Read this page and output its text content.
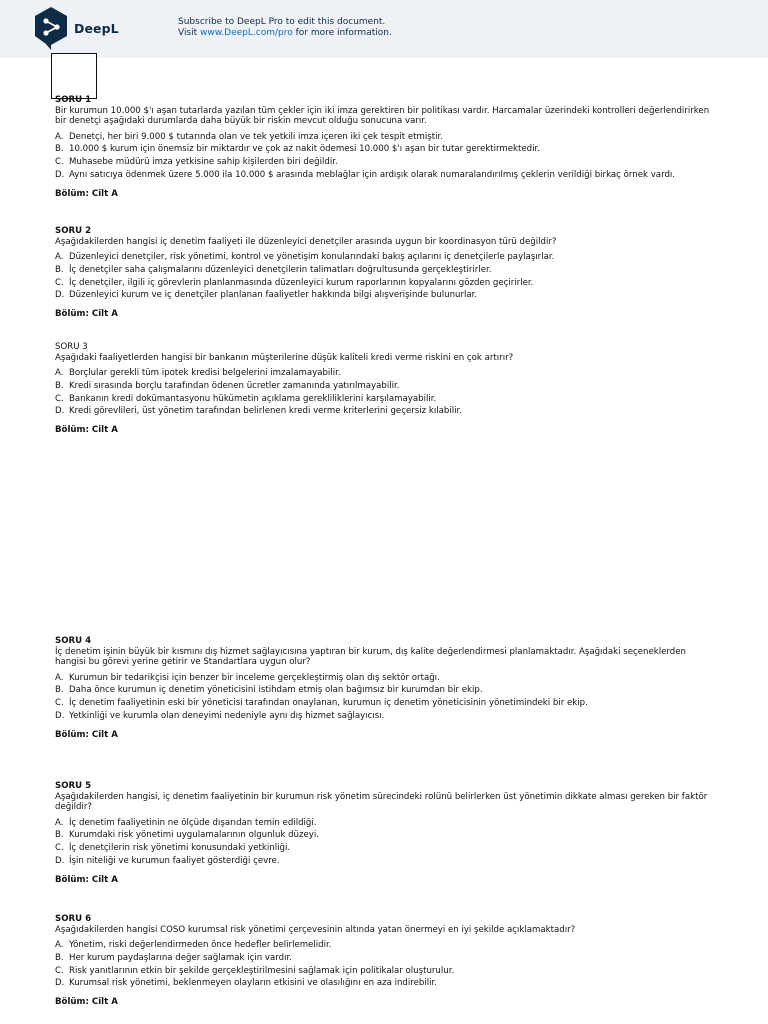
DeepL	Subscribe to DeepL Pro to edit this document.
Visit www.DeepL.com/pro for more information.
SORU 1

Bir kurumun 10.000 $'ı aşan tutarlarda yazılan tüm çekler için iki imza gerektiren bir politikası vardır. Harcamalar üzerindeki kontrolleri değerlendirirken bir denetçi aşağıdaki durumlarda daha büyük bir riskin mevcut olduğu sonucuna varır.

A. Denetçi, her biri 9.000 $ tutarında olan ve tek yetkili imza içeren iki çek tespit etmiştir.
B. 10.000 $ kurum için önemsiz bir miktardır ve çok az nakit ödemesi 10.000 $'ı aşan bir tutar gerektirmektedir.
C. Muhasebe müdürü imza yetkisine sahip kişilerden biri değildir.
D. Aynı satıcıya ödenmek üzere 5.000 ila 10.000 $ arasında meblağlar için ardışık olarak numaralandırılmış çeklerin verildiği birkaç örnek vardı.
Bölüm: Cilt A
SORU 2

Aşağıdakilerden hangisi iç denetim faaliyeti ile düzenleyici denetçiler arasında uygun bir koordinasyon türü değildir?

A. Düzenleyici denetçiler, risk yönetimi, kontrol ve yönetişim konularındaki bakış açılarını iç denetçilerle paylaşırlar.
B. İç denetçiler saha çalışmalarını düzenleyici denetçilerin talimatları doğrultusunda gerçekleştirirler.
C. İç denetçiler, ilgili iç görevlerin planlanmasında düzenleyici kurum raporlarının kopyalarını gözden geçirirler.
D. Düzenleyici kurum ve iç denetçiler planlanan faaliyetler hakkında bilgi alışverişinde bulunurlar.
Bölüm: Cilt A
SORU 3

Aşağıdaki faaliyetlerden hangisi bir bankanın müşterilerine düşük kaliteli kredi verme riskini en çok artırır?

A. Borçlular gerekli tüm ipotek kredisi belgelerini imzalamayabilir.
B. Kredi sırasında borçlu tarafından ödenen ücretler zamanında yatırılmayabilir.
C. Bankanın kredi dokümantasyonu hükümetin açıklama gerekliliklerini karşılamayabilir.
D. Kredi görevlileri, üst yönetim tarafından belirlenen kredi verme kriterlerini geçersiz kılabilir.
Bölüm: Cilt A
SORU 4

İç denetim işinin büyük bir kısmını dış hizmet sağlayıcısına yaptıran bir kurum, dış kalite değerlendirmesi planlamaktadır. Aşağıdaki seçeneklerden hangisi bu görevi yerine getirir ve Standartlara uygun olur?

A. Kurumun bir tedarikçisi için benzer bir inceleme gerçekleştirmiş olan dış sektör ortağı.
B. Daha önce kurumun iç denetim yöneticisini istihdam etmiş olan bağımsız bir kurumdan bir ekip.
C. İç denetim faaliyetinin eski bir yöneticisi tarafından onaylanan, kurumun iç denetim yöneticisinin yönetimindeki bir ekip.
D. Yetkinliği ve kurumla olan deneyimi nedeniyle aynı dış hizmet sağlayıcısı.
Bölüm: Cilt A
SORU 5

Aşağıdakilerden hangisi, iç denetim faaliyetinin bir kurumun risk yönetim sürecindeki rolünü belirlerken üst yönetimin dikkate alması gereken bir faktör değildir?

A. İç denetim faaliyetinin ne ölçüde dışarıdan temin edildiği.
B. Kurumdaki risk yönetimi uygulamalarının olgunluk düzeyi.
C. İç denetçilerin risk yönetimi konusundaki yetkinliği.
D. İşin niteliği ve kurumun faaliyet gösterdiği çevre.
Bölüm: Cilt A
SORU 6

Aşağıdakilerden hangisi COSO kurumsal risk yönetimi çerçevesinin altında yatan önermeyi en iyi şekilde açıklamaktadır?

A. Yönetim, riski değerlendirmeden önce hedefler belirlemelidir.
B. Her kurum paydaşlarına değer sağlamak için vardır.
C. Risk yanıtlarının etkin bir şekilde gerçekleştirilmesini sağlamak için politikalar oluşturulur.
D. Kurumsal risk yönetimi, beklenmeyen olayların etkisini ve olasılığını en aza indirebilir.
Bölüm: Cilt A
